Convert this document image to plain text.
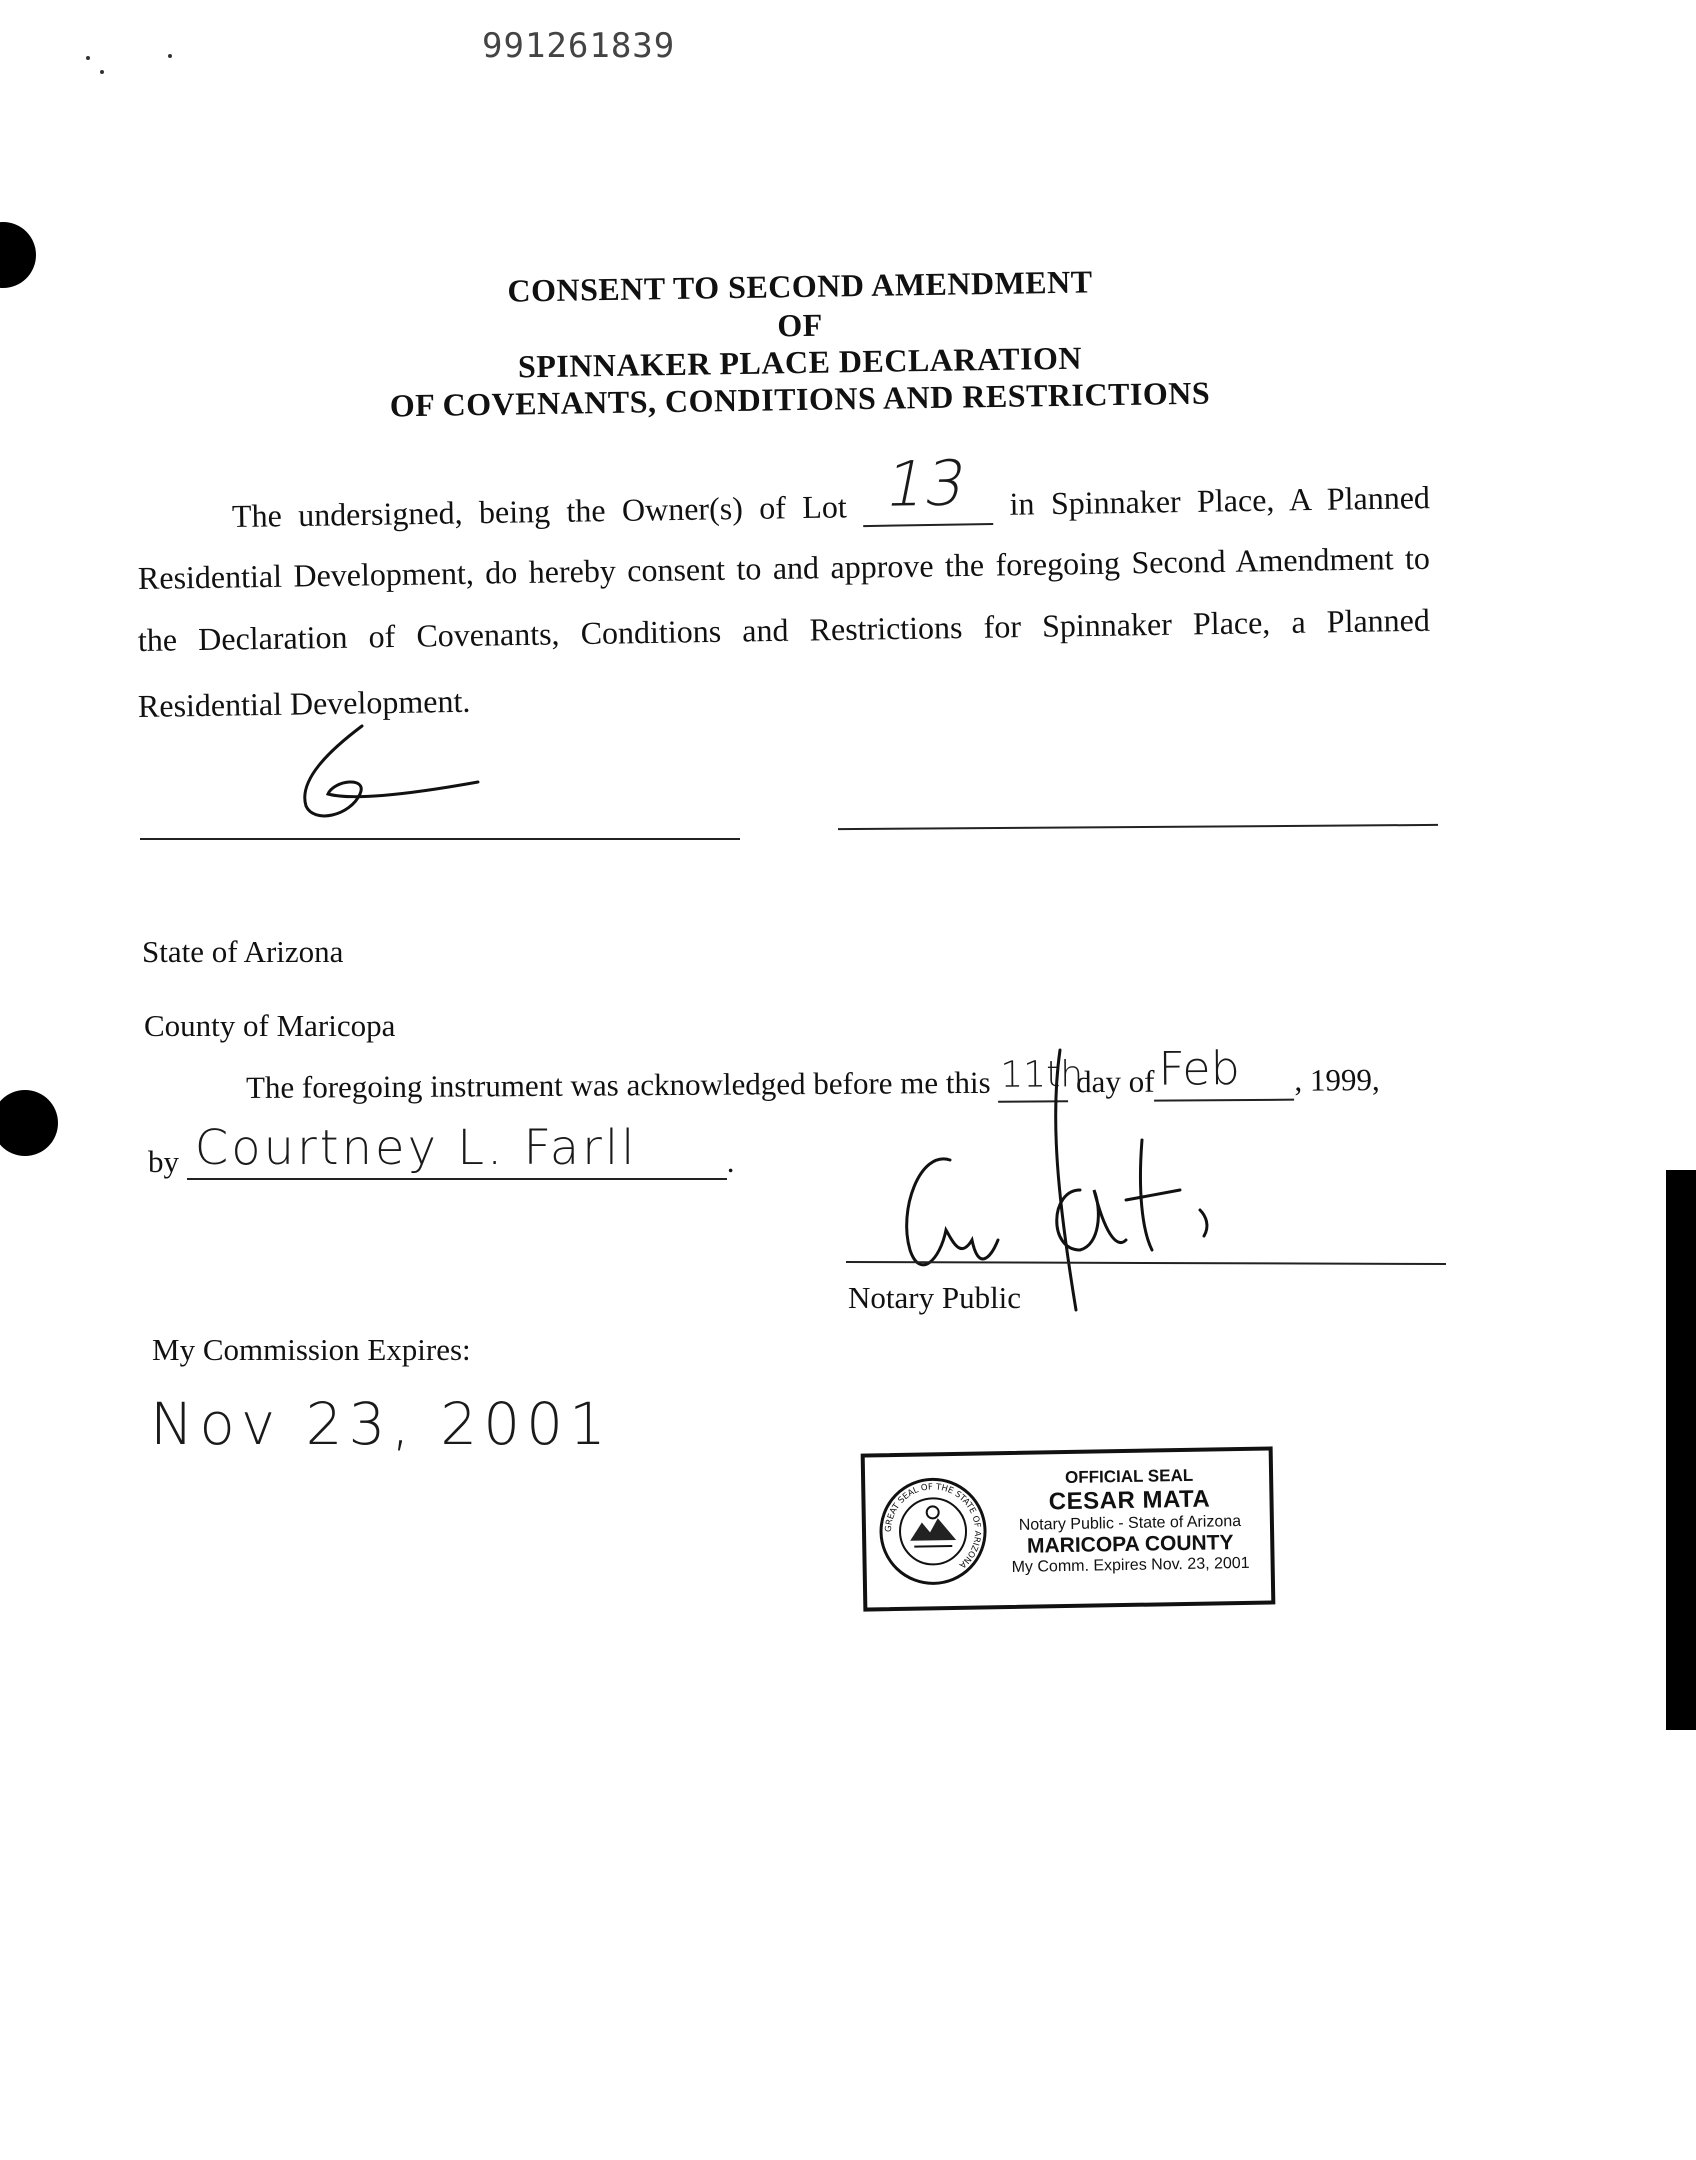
991261839
CONSENT TO SECOND AMENDMENT
OF
SPINNAKER PLACE DECLARATION
OF COVENANTS, CONDITIONS AND RESTRICTIONS
The undersigned, being the Owner(s) of Lot 13 in Spinnaker Place, A Planned
Residential Development, do hereby consent to and approve the foregoing Second Amendment to
the Declaration of Covenants, Conditions and Restrictions for Spinnaker Place, a Planned
Residential Development.
State of Arizona
County of Maricopa
The foregoing instrument was acknowledged before me this 11th
day of Feb , 1999,
by Courtney L. Farll	.
Notary Public
My Commission Expires:
Nov 23, 2001
GREAT SEAL OF THE STATE OF ARIZONA
OFFICIAL SEAL
CESAR MATA
Notary Public - State of Arizona
MARICOPA COUNTY
My Comm. Expires Nov. 23, 2001
